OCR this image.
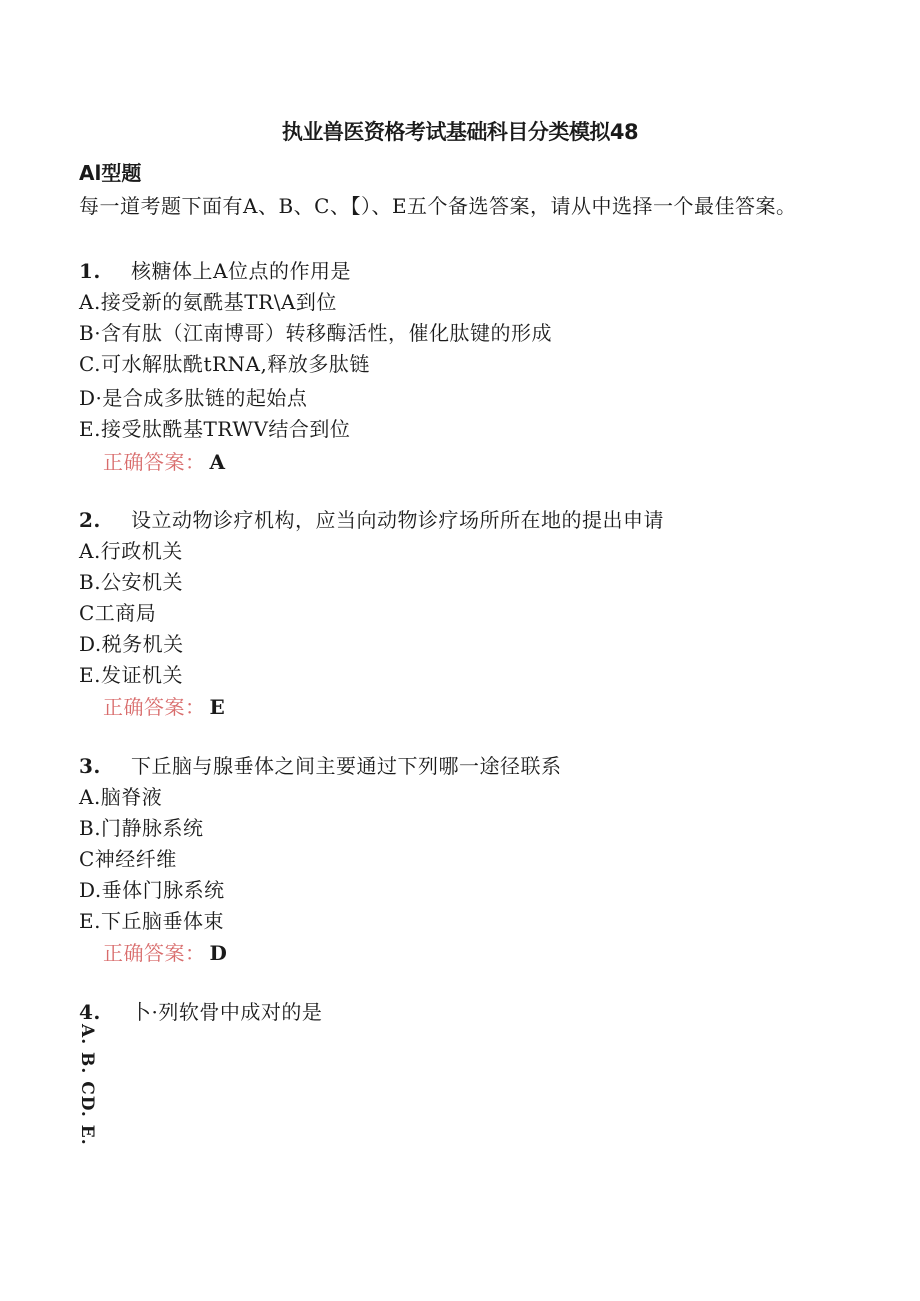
执业兽医资格考试基础科目分类模拟48
Al型题
每一道考题下面有A、B、C、【）、E五个备选答案，请从中选择一个最佳答案。
1. 核糖体上A位点的作用是
A.接受新的氨酰基TR\A到位
B·含有肽（江南博哥）转移酶活性，催化肽键的形成
C.可水解肽酰tRNA,释放多肽链
D·是合成多肽链的起始点
E.接受肽酰基TRWV结合到位
正确答案： A
2. 设立动物诊疗机构，应当向动物诊疗场所所在地的提出申请
A.行政机关
B.公安机关
C工商局
D.税务机关
E.发证机关
正确答案： E
3. 下丘脑与腺垂体之间主要通过下列哪一途径联系
A.脑脊液
B.门静脉系统
C神经纤维
D.垂体门脉系统
E.下丘脑垂体束
正确答案： D
4. 卜·列软骨中成对的是
A. B. CD. E.
